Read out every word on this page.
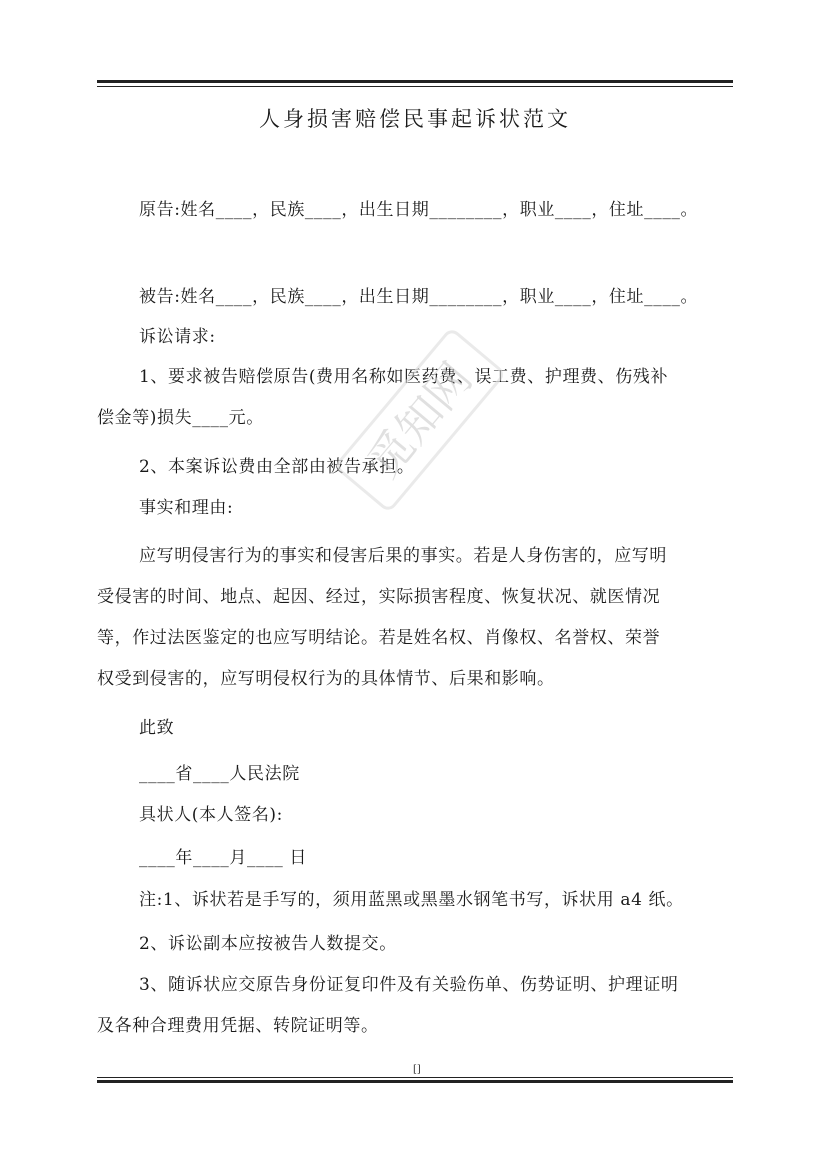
人身损害赔偿民事起诉状范文
原告:姓名____，民族____，出生日期________，职业____，住址____。
被告:姓名____，民族____，出生日期________，职业____，住址____。
诉讼请求:
1、要求被告赔偿原告(费用名称如医药费、误工费、护理费、伤残补
偿金等)损失____元。
2、本案诉讼费由全部由被告承担。
事实和理由:
应写明侵害行为的事实和侵害后果的事实。若是人身伤害的，应写明
受侵害的时间、地点、起因、经过，实际损害程度、恢复状况、就医情况
等，作过法医鉴定的也应写明结论。若是姓名权、肖像权、名誉权、荣誉
权受到侵害的，应写明侵权行为的具体情节、后果和影响。
此致
____省____人民法院
具状人(本人签名):
____年____月____ 日
注:1、诉状若是手写的，须用蓝黑或黑墨水钢笔书写，诉状用 a4 纸。
2、诉讼副本应按被告人数提交。
3、随诉状应交原告身份证复印件及有关验伤单、伤势证明、护理证明
及各种合理费用凭据、转院证明等。
[]
觅知网
